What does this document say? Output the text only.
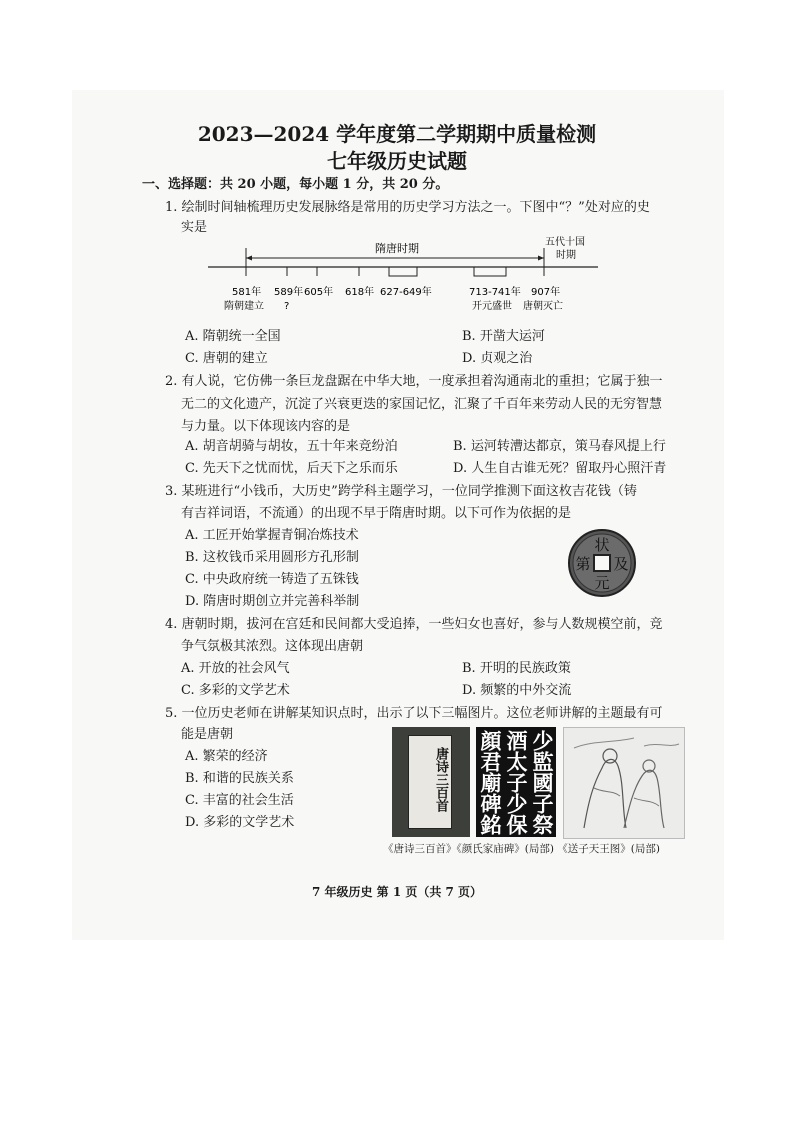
2023—2024 学年度第二学期期中质量检测
七年级历史试题
一、选择题：共 20 小题，每小题 1 分，共 20 分。
1. 绘制时间轴梳理历史发展脉络是常用的历史学习方法之一。下图中“？”处对应的史
实是
隋唐时期	五代十国
时期
581年
隋朝建立
589年
?
605年 618年 627-649年	713-741年
开元盛世
907年
唐朝灭亡
A. 隋朝统一全国	B. 开凿大运河
C. 唐朝的建立	D. 贞观之治
2. 有人说，它仿佛一条巨龙盘踞在中华大地，一度承担着沟通南北的重担；它属于独一
无二的文化遗产，沉淀了兴衰更迭的家国记忆，汇聚了千百年来劳动人民的无穷智慧
与力量。以下体现该内容的是
A. 胡音胡骑与胡妆，五十年来竞纷泊	B. 运河转漕达都京，策马春风提上行
C. 先天下之忧而忧，后天下之乐而乐	D. 人生自古谁无死？留取丹心照汗青
3. 某班进行“小钱币，大历史”跨学科主题学习，一位同学推测下面这枚吉花钱（铸
有吉祥词语，不流通）的出现不早于隋唐时期。以下可作为依据的是
A. 工匠开始掌握青铜冶炼技术
B. 这枚钱币采用圆形方孔形制
C. 中央政府统一铸造了五铢钱
D. 隋唐时期创立并完善科举制
状
及
元
第
4. 唐朝时期，拔河在宫廷和民间都大受追捧，一些妇女也喜好，参与人数规模空前，竞
争气氛极其浓烈。这体现出唐朝
A. 开放的社会风气	B. 开明的民族政策
C. 多彩的文学艺术	D. 频繁的中外交流
5. 一位历史老师在讲解某知识点时，出示了以下三幅图片。这位老师讲解的主题最有可
能是唐朝
A. 繁荣的经济
B. 和谐的民族关系
C. 丰富的社会生活
D. 多彩的文学艺术
唐诗三百首	少監國子祭
酒太子少保
顔君廟碑銘
《唐诗三百首》《颜氏家庙碑》(局部) 《送子天王图》(局部)
7 年级历史 第 1 页（共 7 页）
